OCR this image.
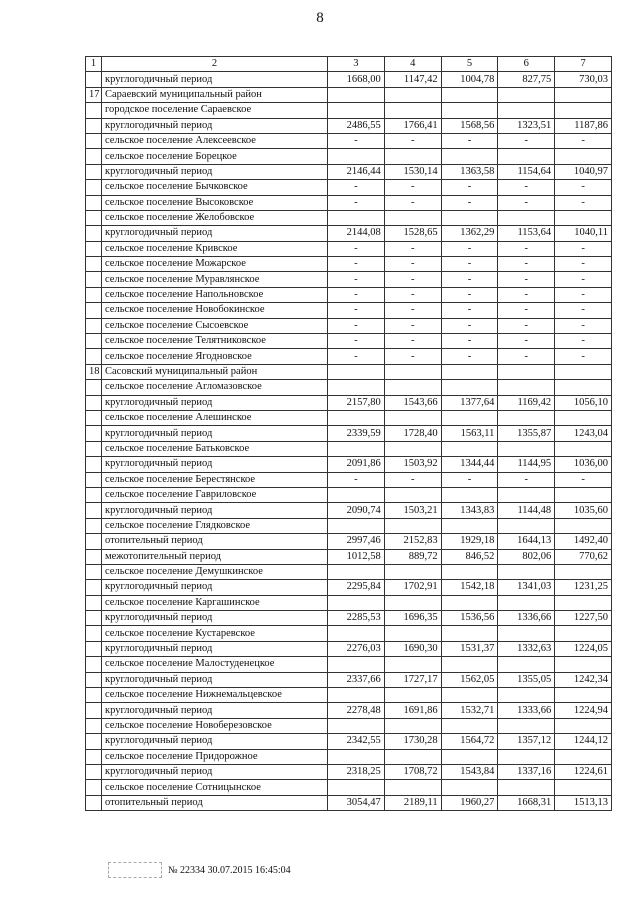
8
1	2	3	4	5	6	7
	круглогодичный период	1668,00	1147,42	1004,78	827,75	730,03
17	Сараевский муниципальный район					
	городское поселение Сараевское					
	круглогодичный период	2486,55	1766,41	1568,56	1323,51	1187,86
	сельское поселение Алексеевское	-	-	-	-	-
	сельское поселение Борецкое					
	круглогодичный период	2146,44	1530,14	1363,58	1154,64	1040,97
	сельское поселение Бычковское	-	-	-	-	-
	сельское поселение Высоковское	-	-	-	-	-
	сельское поселение Желобовское					
	круглогодичный период	2144,08	1528,65	1362,29	1153,64	1040,11
	сельское поселение Кривское	-	-	-	-	-
	сельское поселение Можарское	-	-	-	-	-
	сельское поселение Муравлянское	-	-	-	-	-
	сельское поселение Напольновское	-	-	-	-	-
	сельское поселение Новобокинское	-	-	-	-	-
	сельское поселение Сысоевское	-	-	-	-	-
	сельское поселение Телятниковское	-	-	-	-	-
	сельское поселение Ягодновское	-	-	-	-	-
18	Сасовский муниципальный район					
	сельское поселение Агломазовское					
	круглогодичный период	2157,80	1543,66	1377,64	1169,42	1056,10
	сельское поселение Алешинское					
	круглогодичный период	2339,59	1728,40	1563,11	1355,87	1243,04
	сельское поселение Батьковское					
	круглогодичный период	2091,86	1503,92	1344,44	1144,95	1036,00
	сельское поселение Берестянское	-	-	-	-	-
	сельское поселение Гавриловское					
	круглогодичный период	2090,74	1503,21	1343,83	1144,48	1035,60
	сельское поселение Глядковское					
	отопительный период	2997,46	2152,83	1929,18	1644,13	1492,40
	межотопительный период	1012,58	889,72	846,52	802,06	770,62
	сельское поселение Демушкинское					
	круглогодичный период	2295,84	1702,91	1542,18	1341,03	1231,25
	сельское поселение Каргашинское					
	круглогодичный период	2285,53	1696,35	1536,56	1336,66	1227,50
	сельское поселение Кустаревское					
	круглогодичный период	2276,03	1690,30	1531,37	1332,63	1224,05
	сельское поселение Малостуденецкое					
	круглогодичный период	2337,66	1727,17	1562,05	1355,05	1242,34
	сельское поселение Нижнемальцевское					
	круглогодичный период	2278,48	1691,86	1532,71	1333,66	1224,94
	сельское поселение Новоберезовское					
	круглогодичный период	2342,55	1730,28	1564,72	1357,12	1244,12
	сельское поселение Придорожное					
	круглогодичный период	2318,25	1708,72	1543,84	1337,16	1224,61
	сельское поселение Сотницынское					
	отопительный период	3054,47	2189,11	1960,27	1668,31	1513,13
№ 22334 30.07.2015 16:45:04
